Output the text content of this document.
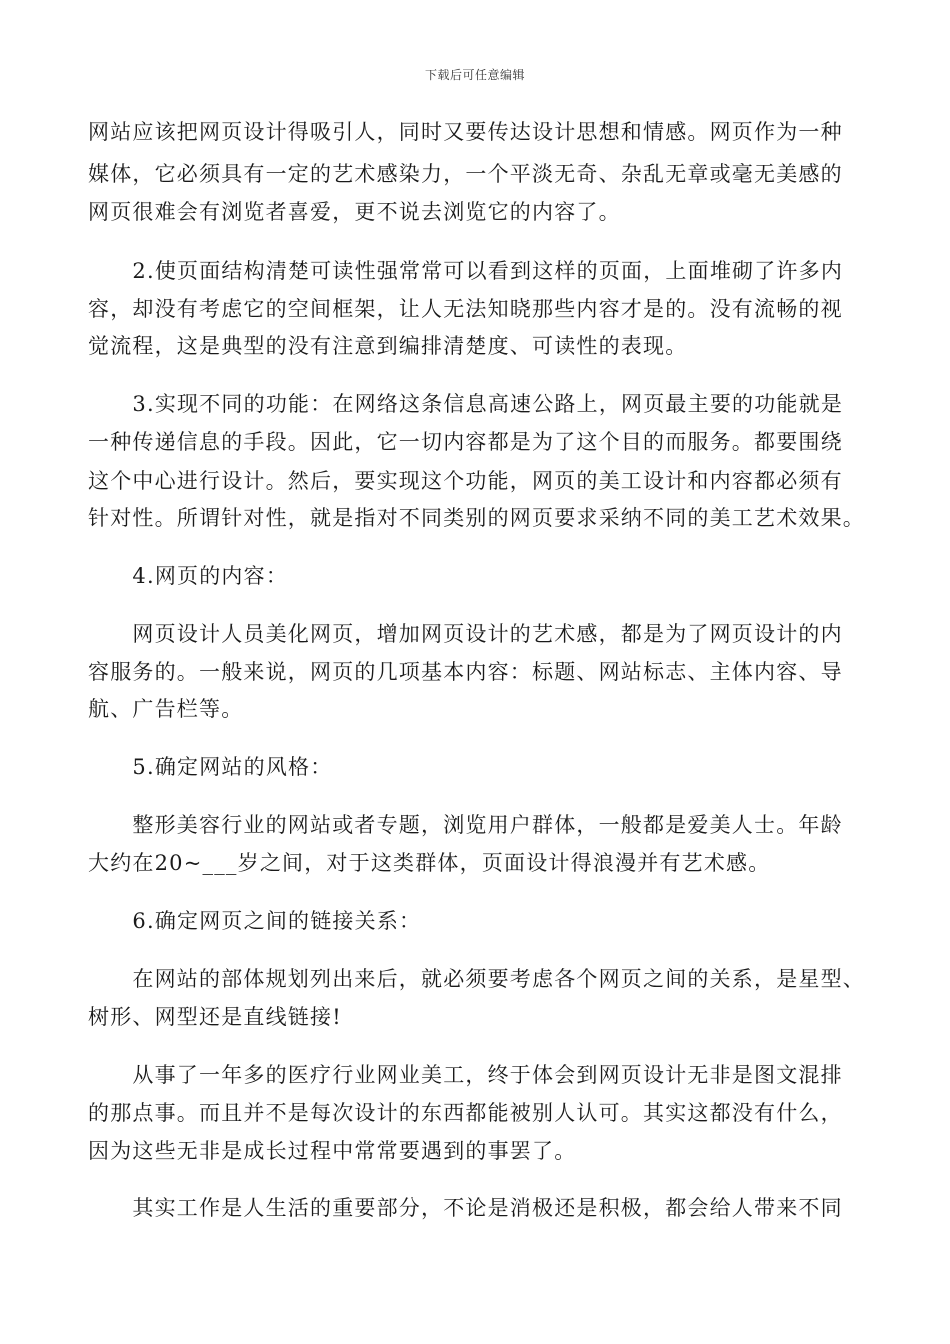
下载后可任意编辑
网站应该把网页设计得吸引人，同时又要传达设计思想和情感。网页作为一种
媒体，它必须具有一定的艺术感染力，一个平淡无奇、杂乱无章或毫无美感的
网页很难会有浏览者喜爱，更不说去浏览它的内容了。
　　2.使页面结构清楚可读性强常常可以看到这样的页面，上面堆砌了许多内
容，却没有考虑它的空间框架，让人无法知晓那些内容才是的。没有流畅的视
觉流程，这是典型的没有注意到编排清楚度、可读性的表现。
　　3.实现不同的功能：在网络这条信息高速公路上，网页最主要的功能就是
一种传递信息的手段。因此，它一切内容都是为了这个目的而服务。都要围绕
这个中心进行设计。然后，要实现这个功能，网页的美工设计和内容都必须有
针对性。所谓针对性，就是指对不同类别的网页要求采纳不同的美工艺术效果。
　　4.网页的内容：
　　网页设计人员美化网页，增加网页设计的艺术感，都是为了网页设计的内
容服务的。一般来说，网页的几项基本内容：标题、网站标志、主体内容、导
航、广告栏等。
　　5.确定网站的风格：
　　整形美容行业的网站或者专题，浏览用户群体，一般都是爱美人士。年龄
大约在20~___岁之间，对于这类群体，页面设计得浪漫并有艺术感。
　　6.确定网页之间的链接关系：
　　在网站的部体规划列出来后，就必须要考虑各个网页之间的关系，是星型、
树形、网型还是直线链接!
　　从事了一年多的医疗行业网业美工，终于体会到网页设计无非是图文混排
的那点事。而且并不是每次设计的东西都能被别人认可。其实这都没有什么，
因为这些无非是成长过程中常常要遇到的事罢了。
　　其实工作是人生活的重要部分，不论是消极还是积极，都会给人带来不同
